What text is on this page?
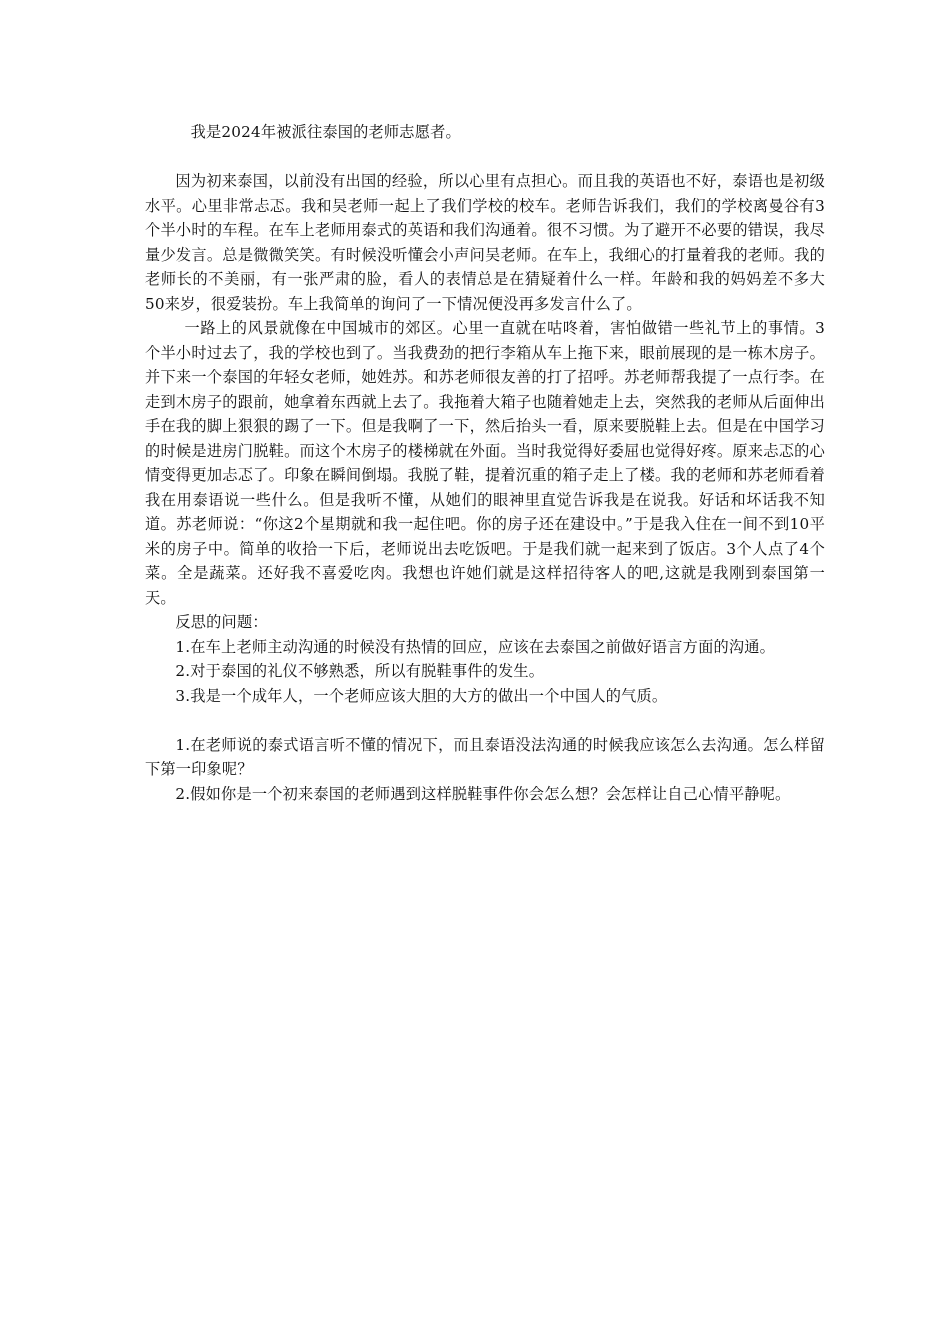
我是2024年被派往泰国的老师志愿者。

因为初来泰国，以前没有出国的经验，所以心里有点担心。而且我的英语也不好，泰语也是初级水平。心里非常忐忑。我和吴老师一起上了我们学校的校车。老师告诉我们，我们的学校离曼谷有3个半小时的车程。在车上老师用泰式的英语和我们沟通着。很不习惯。为了避开不必要的错误，我尽量少发言。总是微微笑笑。有时候没听懂会小声问吴老师。在车上，我细心的打量着我的老师。我的老师长的不美丽，有一张严肃的脸，看人的表情总是在猜疑着什么一样。年龄和我的妈妈差不多大50来岁，很爱装扮。车上我简单的询问了一下情况便没再多发言什么了。

一路上的风景就像在中国城市的郊区。心里一直就在咕咚着，害怕做错一些礼节上的事情。3个半小时过去了，我的学校也到了。当我费劲的把行李箱从车上拖下来，眼前展现的是一栋木房子。并下来一个泰国的年轻女老师，她姓苏。和苏老师很友善的打了招呼。苏老师帮我提了一点行李。在走到木房子的跟前，她拿着东西就上去了。我拖着大箱子也随着她走上去，突然我的老师从后面伸出手在我的脚上狠狠的踢了一下。但是我啊了一下，然后抬头一看，原来要脱鞋上去。但是在中国学习的时候是进房门脱鞋。而这个木房子的楼梯就在外面。当时我觉得好委屈也觉得好疼。原来忐忑的心情变得更加忐忑了。印象在瞬间倒塌。我脱了鞋，提着沉重的箱子走上了楼。我的老师和苏老师看着我在用泰语说一些什么。但是我听不懂，从她们的眼神里直觉告诉我是在说我。好话和坏话我不知道。苏老师说：“你这2个星期就和我一起住吧。你的房子还在建设中。”于是我入住在一间不到10平米的房子中。简单的收拾一下后，老师说出去吃饭吧。于是我们就一起来到了饭店。3个人点了4个菜。全是蔬菜。还好我不喜爱吃肉。我想也许她们就是这样招待客人的吧,这就是我刚到泰国第一天。

反思的问题：

1.在车上老师主动沟通的时候没有热情的回应，应该在去泰国之前做好语言方面的沟通。

2.对于泰国的礼仪不够熟悉，所以有脱鞋事件的发生。

3.我是一个成年人，一个老师应该大胆的大方的做出一个中国人的气质。

1.在老师说的泰式语言听不懂的情况下，而且泰语没法沟通的时候我应该怎么去沟通。怎么样留下第一印象呢？

2.假如你是一个初来泰国的老师遇到这样脱鞋事件你会怎么想？会怎样让自己心情平静呢。
